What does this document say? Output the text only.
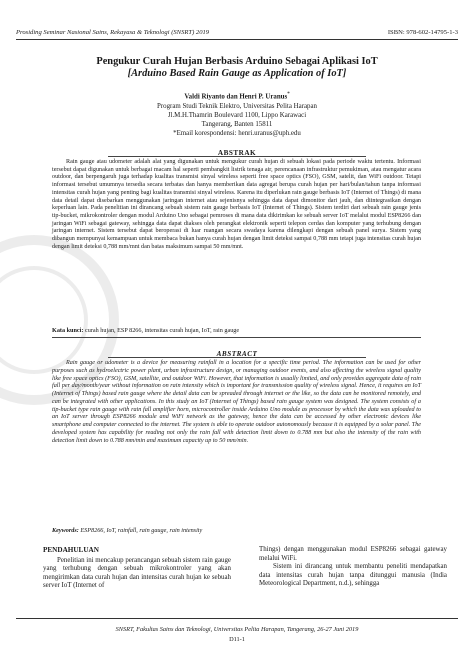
Prosiding Seminar Nasional Sains, Rekayasa & Teknologi (SNSRT) 2019	ISBN: 978-602-14795-1-3
Pengukur Curah Hujan Berbasis Arduino Sebagai Aplikasi IoT
[Arduino Based Rain Gauge as Application of IoT]
Valdi Riyanto dan Henri P. Uranus*
Program Studi Teknik Elektro, Universitas Pelita Harapan
Jl.M.H.Thamrin Boulevard 1100, Lippo Karawaci
Tangerang, Banten 15811
*Email korespondensi: henri.uranus@uph.edu
ABSTRAK
Rain gauge atau udometer adalah alat yang digunakan untuk mengukur curah hujan di sebuah lokasi pada periode waktu tertentu. Informasi tersebut dapat digunakan untuk berbagai macam hal seperti pembangkit listrik tenaga air, perencanaan infrastruktur pemukiman, atau mengatur acara outdoor, dan berpengaruh juga terhadap kualitas transmisi sinyal wireless seperti free space optics (FSO), GSM, satelit, dan WiFi outdoor. Tetapi informasi tersebut umumnya tersedia secara terbatas dan hanya memberikan data agregat berupa curah hujan per hari/bulan/tahun tanpa informasi intensitas curah hujan yang penting bagi kualitas transmisi sinyal wireless. Karena itu diperlukan rain gauge berbasis IoT (Internet of Things) di mana data detail dapat disebarkan menggunakan jaringan internet atau sejenisnya sehingga data dapat dimonitor dari jauh, dan diintegrasikan dengan keperluan lain. Pada penelitian ini dirancang sebuah sistem rain gauge berbasis IoT (Internet of Things). Sistem terdiri dari sebuah rain gauge jenis tip-bucket, mikrokontroler dengan modul Arduino Uno sebagai pemroses di mana data dikirimkan ke sebuah server IoT melalui modul ESP8266 dan jaringan WiFi sebagai gateway, sehingga data dapat diakses oleh perangkat elektronik seperti telepon cerdas dan komputer yang terhubung dengan jaringan internet. Sistem tersebut dapat beroperasi di luar ruangan secara swadaya karena dilengkapi dengan sebuah panel surya. Sistem yang dibangun mempunyai kemampuan untuk membaca bukan hanya curah hujan dengan limit deteksi sampai 0,788 mm tetapi juga intensitas curah hujan dengan limit deteksi 0,788 mm/mnt dan batas maksimum sampai 50 mm/mnt.
Kata kunci: curah hujan, ESP 8266, intensitas curah hujan, IoT, rain gauge
ABSTRACT
Rain gauge or udometer is a device for measuring rainfall in a location for a specific time period. The information can be used for other purposes such as hydroelectric power plant, urban infrastructure design, or managing outdoor events, and also affecting the wireless signal quality like free space optics (FSO), GSM, satellite, and outdoor WiFi. However, that information is usually limited, and only provides aggregate data of rain fall per day/month/year without information on rain intensity which is important for transmission quality of wireless signal. Hence, it requires an IoT (Internet of Things) based rain gauge where the detail data can be spreaded through internet or the like, so the data can be monitored remotely, and can be integrated with other applications. In this study an IoT (Internet of Things) based rain gauge system was designed. The system consists of a tip-bucket type rain gauge with rain fall amplifier horn, microcontroller inside Arduino Uno module as processor by which the data was uploaded to an IoT server through ESP8266 module and WiFi network as the gateway, hence the data can be accessed by other electronic devices like smartphone and computer connected to the internet. The system is able to operate outdoor autonomously because it is equipped by a solar panel. The developed system has capability for reading not only the rain fall with detection limit down to 0.788 mm but also the intensity of the rain with detection limit down to 0.788 mm/min and maximum capacity up to 50 mm/min.
Keywords: ESP8266, IoT, rainfall, rain gauge, rain intensity
PENDAHULUAN

Penelitian ini mencakup perancangan sebuah sistem rain gauge yang terhubung dengan sebuah mikrokontroler yang akan mengirimkan data curah hujan dan intensitas curah hujan ke sebuah server IoT (Internet of

Things) dengan menggunakan modul ESP8266 sebagai gateway melalui WiFi.

Sistem ini dirancang untuk membantu peneliti mendapatkan data intensitas curah hujan tanpa ditunggui manusia (India Meteorological Department, n.d.), sehingga

SNSRT, Fakultas Sains dan Teknologi, Universitas Pelita Harapan, Tangerang, 26-27 Juni 2019
D11-1
